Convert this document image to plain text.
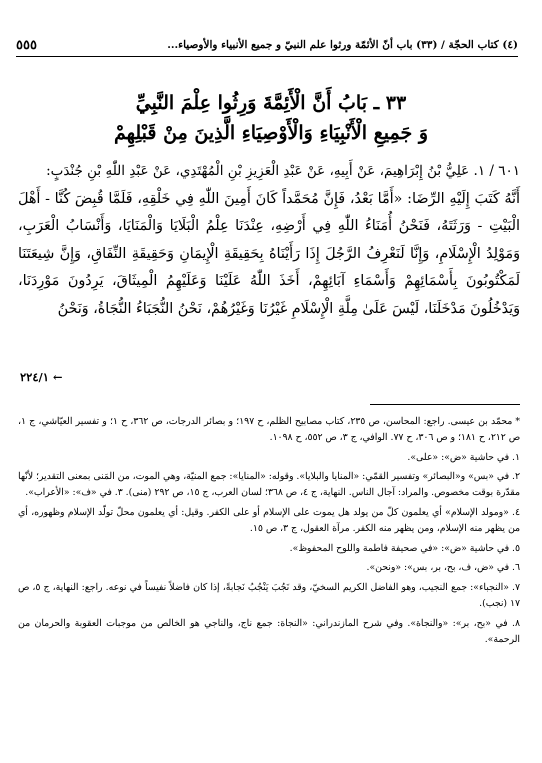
(٤) كتاب الحجّة / (٣٣) باب أنّ الأئمّة ورثوا علم النبيّ و جميع الأنبياء والأوصياء...
٥٥٥
٣٣ ـ بَابُ أَنَّ الْأَئِمَّةَ وَرِثُوا عِلْمَ النَّبِيِّ
وَ جَمِيعِ الْأَنْبِيَاءِ وَالْأَوْصِيَاءِ الَّذِينَ مِنْ قَبْلِهِمْ

٦٠١ / ١. عَلِيُّ بْنُ إِبْرَاهِيمَ، عَنْ أَبِيهِ، عَنْ عَبْدِ الْعَزِيزِ بْنِ الْمُهْتَدِي، عَنْ عَبْدِ اللّٰهِ بْنِ جُنْدَبٍ:

أَنَّهُ كَتَبَ إِلَيْهِ الرِّضَا: «أَمَّا بَعْدُ، فَإِنَّ مُحَمَّداً كَانَ أَمِينَ اللّٰهِ فِي خَلْقِهِ، فَلَمَّا قُبِضَ كُنَّا - أَهْلَ الْبَيْتِ - وَرَثَتَهُ، فَنَحْنُ أُمَنَاءُ اللّٰهِ فِي أَرْضِهِ، عِنْدَنَا عِلْمُ الْبَلَايَا وَالْمَنَايَا، وَأَنْسَابُ الْعَرَبِ، وَمَوْلِدُ الْإِسْلَامِ، وَإِنَّا لَنَعْرِفُ الرَّجُلَ إِذَا رَأَيْنَاهُ بِحَقِيقَةِ الْإِيمَانِ وَحَقِيقَةِ النِّفَاقِ، وَإِنَّ شِيعَتَنَا لَمَكْتُوبُونَ بِأَسْمَائِهِمْ وَأَسْمَاءِ آبَائِهِمْ، أَخَذَ اللّٰهُ عَلَيْنَا وَعَلَيْهِمُ الْمِيثَاقَ، يَرِدُونَ مَوْرِدَنَا، وَيَدْخُلُونَ مَدْخَلَنَا، لَيْسَ عَلَىٰ مِلَّةِ الْإِسْلَامِ غَيْرُنَا وَغَيْرُهُمْ، نَحْنُ النُّجَبَاءُ النُّجَاةُ، وَنَحْنُ

٢٢٤/١ ←

* محمّد بن عيسى. راجع: المحاسن، ص ٢٣٥، كتاب مصابيح الظلم، ح ١٩٧؛ و بصائر الدرجات، ص ٣٦٢، ح ١؛ و تفسير العيّاشي، ج ١، ص ٢١٢، ح ١٨١؛ و ص ٣٠٦، ح ٧٧. الوافي، ج ٣، ص ٥٥٢، ح ١٠٩٨.

١. في حاشية «ض»: «على».

٢. في «بس» و«البصائر» وتفسير القمّي: «المنايا والبلايا». وقوله: «المنايا»: جمع المنيّة، وهي الموت، من المَنى بمعنى التقدير؛ لأنّها مقدّرة بوقت مخصوص. والمراد: آجال الناس. النهاية، ج ٤، ص ٣٦٨؛ لسان العرب، ج ١٥، ص ٢٩٢ (منى). ٣. في «ف»: «الأعراب».

٤. «ومولد الإسلام» أي يعلمون كلّ من يولد هل يموت على الإسلام أو على الكفر. وقيل: أي يعلمون محلّ تولّد الإسلام وظهوره، أي من يظهر منه الإسلام، ومن يظهر منه الكفر. مرآة العقول، ج ٣، ص ١٥.

٥. في حاشية «ض»: «في صحيفة فاطمة واللوح المحفوظ».

٦. في «ض، ف، بح، بر، بس»: «ونحن».

٧. «النجباء»: جمع النجيب، وهو الفاضل الكريم السخيّ، وقد نَجُبَ يَنْجُبُ نَجابةً، إذا كان فاضلاً نفيساً في نوعه. راجع: النهاية، ج ٥، ص ١٧ (نجب).

٨. في «بح، بر»: «والنجاة». وفي شرح المازندراني: «النجاة: جمع ناج، والناجي هو الخالص من موجبات العقوبة والحرمان من الرحمة».
